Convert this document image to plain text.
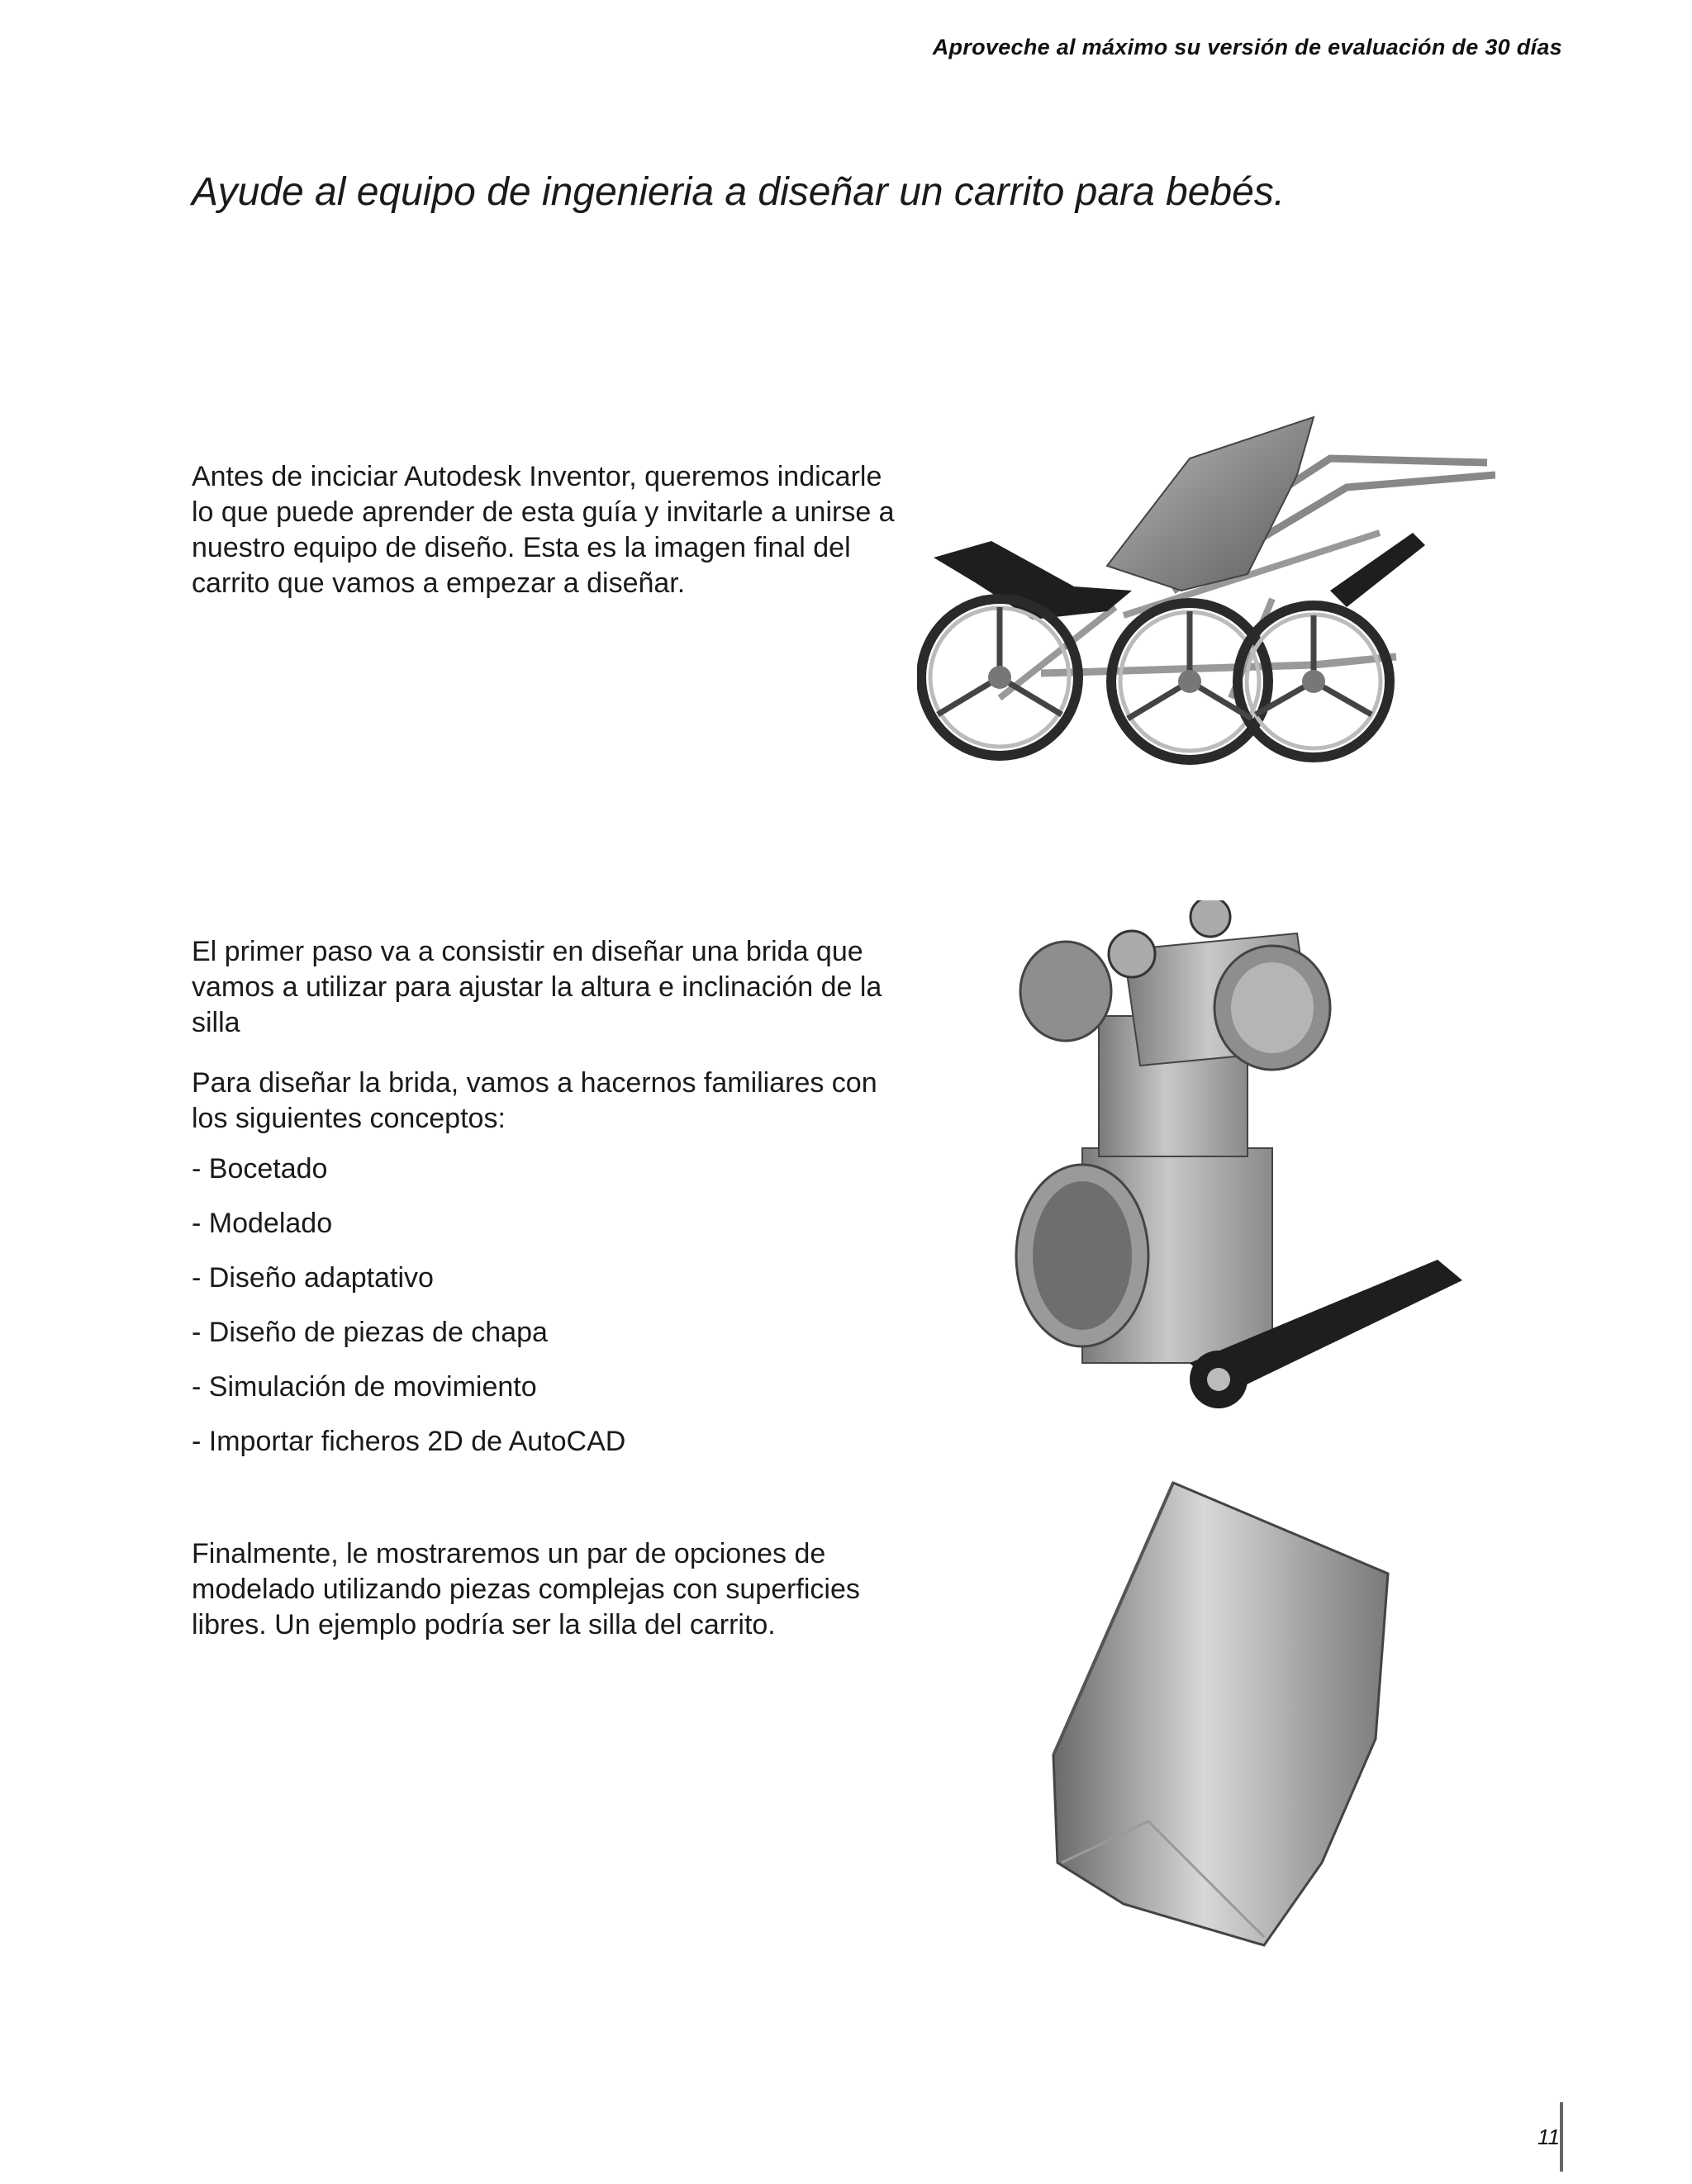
Aproveche al máximo su versión de evaluación de 30 días
Ayude al equipo de ingenieria a diseñar un carrito para bebés.

Antes de inciciar Autodesk Inventor, queremos indicarle lo que puede aprender de esta guía y invitarle a unirse a nuestro equipo de diseño. Esta es la imagen final del carrito que vamos a empezar a diseñar.

El primer paso va a consistir en diseñar una brida que vamos a utilizar para ajustar la altura e inclinación de la silla

Para diseñar la brida, vamos a hacernos familiares con los siguientes conceptos:

- Bocetado
- Modelado
- Diseño adaptativo
- Diseño de piezas de chapa
- Simulación de movimiento
- Importar ficheros 2D de AutoCAD

Finalmente, le mostraremos un par de opciones de modelado utilizando piezas complejas con superficies libres. Un ejemplo podría ser la silla del carrito.

11
